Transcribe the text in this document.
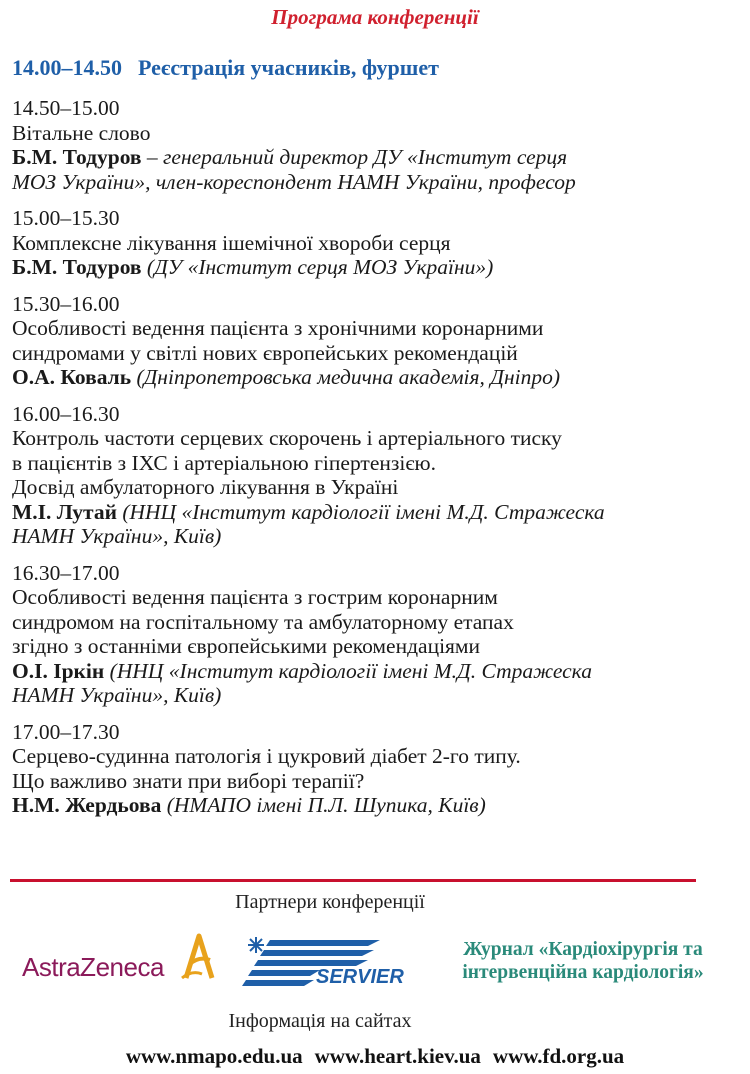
Програма конференції
14.00–14.50 Реєстрація учасників, фуршет
14.50–15.00
Вітальне слово
Б.М. Тодуров – генеральний директор ДУ «Інститут серця
МОЗ України», член-кореспондент НАМН України, професор
15.00–15.30
Комплексне лікування ішемічної хвороби серця
Б.М. Тодуров (ДУ «Інститут серця МОЗ України»)
15.30–16.00
Особливості ведення пацієнта з хронічними коронарними
синдромами у світлі нових європейських рекомендацій
О.А. Коваль (Дніпропетровська медична академія, Дніпро)
16.00–16.30
Контроль частоти серцевих скорочень і артеріального тиску
в пацієнтів з ІХС і артеріальною гіпертензією.
Досвід амбулаторного лікування в Україні
М.І. Лутай (ННЦ «Інститут кардіології імені М.Д. Стражеска
НАМН України», Київ)
16.30–17.00
Особливості ведення пацієнта з гострим коронарним
синдромом на госпітальному та амбулаторному етапах
згідно з останніми європейськими рекомендаціями
О.І. Іркін (ННЦ «Інститут кардіології імені М.Д. Стражеска
НАМН України», Київ)
17.00–17.30
Серцево-судинна патологія і цукровий діабет 2-го типу.
Що важливо знати при виборі терапії?
Н.М. Жердьова (НМАПО імені П.Л. Шупика, Київ)
Партнери конференції
AstraZeneca	SERVIER
Журнал «Кардіохірургія та
інтервенційна кардіологія»
Інформація на сайтах
www.nmapo.edu.ua www.heart.kiev.ua www.fd.org.ua
